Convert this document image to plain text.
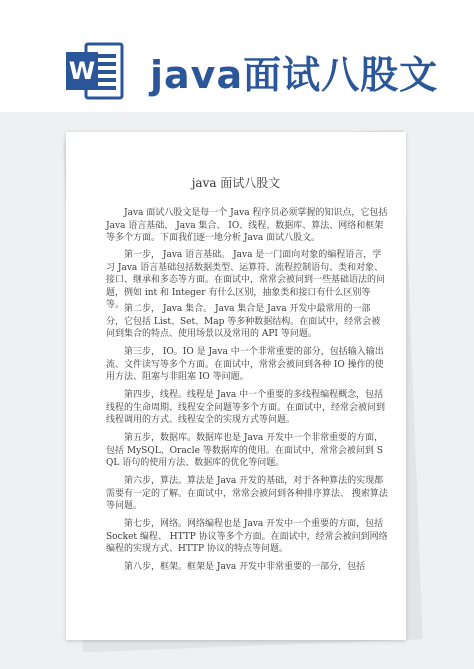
W java面试八股文
java 面试八股文
Java 面试八股文是每一个 Java 程序员必须掌握的知识点，它包括 Java 语言基础、 Java 集合、 IO、线程、数据库、算法、网络和框架等多个方面。下面我们逐一地分析 Java 面试八股文。
第一步， Java 语言基础。 Java 是一门面向对象的编程语言，学习 Java 语言基础包括数据类型、运算符、流程控制语句、类和对象、接口、继承和多态等方面。在面试中，常常会被问到一些基础语法的问题，例如 int 和 Integer 有什么区别，抽象类和接口有什么区别等等。 第二步， Java 集合。 Java 集合是 Java 开发中最常用的一部分，它包括 List、Set、Map 等多种数据结构。在面试中，经常会被问到集合的特点、使用场景以及常用的 API 等问题。
第三步， IO。IO 是 Java 中一个非常重要的部分，包括输入输出流、文件读写等多个方面。在面试中，常常会被问到各种 IO 操作的使用方法、阻塞与非阻塞 IO 等问题。
第四步，线程。线程是 Java 中一个重要的多线程编程概念，包括线程的生命周期、线程安全问题等多个方面。在面试中，经常会被问到线程调用的方式、线程安全的实现方式等问题。
第五步，数据库。数据库也是 Java 开发中一个非常重要的方面，包括 MySQL、Oracle 等数据库的使用。在面试中，常常会被问到 SQL 语句的使用方法、数据库的优化等问题。
第六步，算法。算法是 Java 开发的基础，对于各种算法的实现都需要有一定的了解。在面试中，常常会被问到各种排序算法、 搜索算法等问题。
第七步，网络。网络编程也是 Java 开发中一个重要的方面，包括 Socket 编程、 HTTP 协议等多个方面。在面试中，经常会被问到网络编程的实现方式、HTTP 协议的特点等问题。
第八步，框架。框架是 Java 开发中非常重要的一部分，包括
